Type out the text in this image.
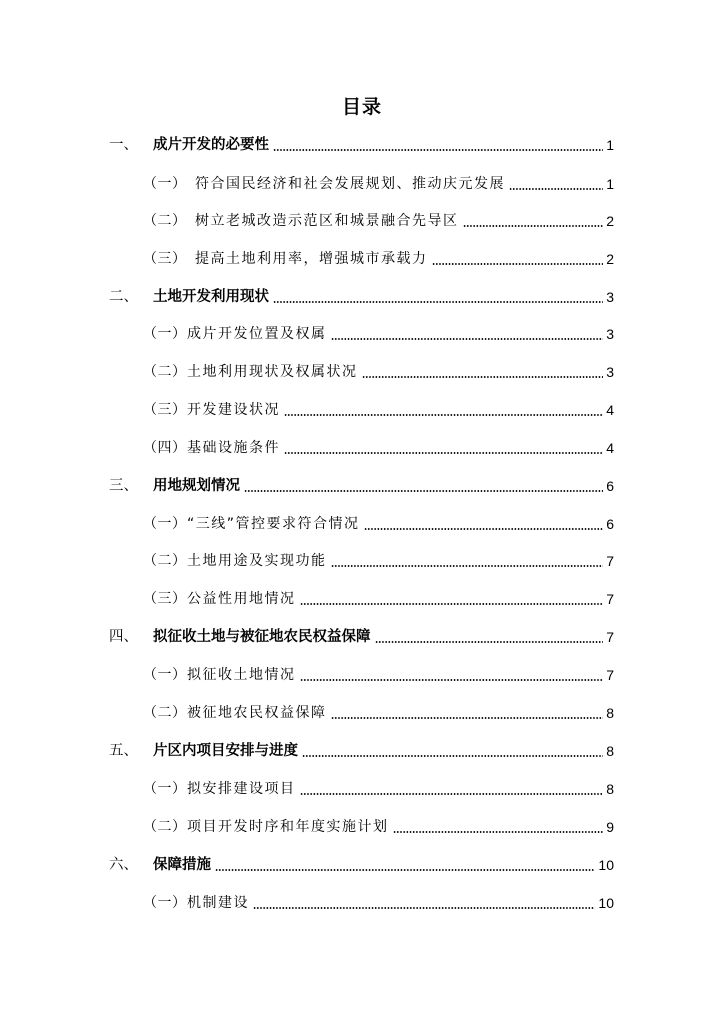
目录
一、 成片开发的必要性	1
（一） 符合国民经济和社会发展规划、推动庆元发展	1
（二） 树立老城改造示范区和城景融合先导区	2
（三） 提高土地利用率，增强城市承载力	2
二、 土地开发利用现状	3
（一） 成片开发位置及权属	3
（二） 土地利用现状及权属状况	3
（三） 开发建设状况	4
（四） 基础设施条件	4
三、 用地规划情况	6
（一） “三线”管控要求符合情况	6
（二） 土地用途及实现功能	7
（三） 公益性用地情况	7
四、 拟征收土地与被征地农民权益保障	7
（一） 拟征收土地情况	7
（二） 被征地农民权益保障	8
五、 片区内项目安排与进度	8
（一） 拟安排建设项目	8
（二） 项目开发时序和年度实施计划	9
六、 保障措施	10
（一） 机制建设	10
